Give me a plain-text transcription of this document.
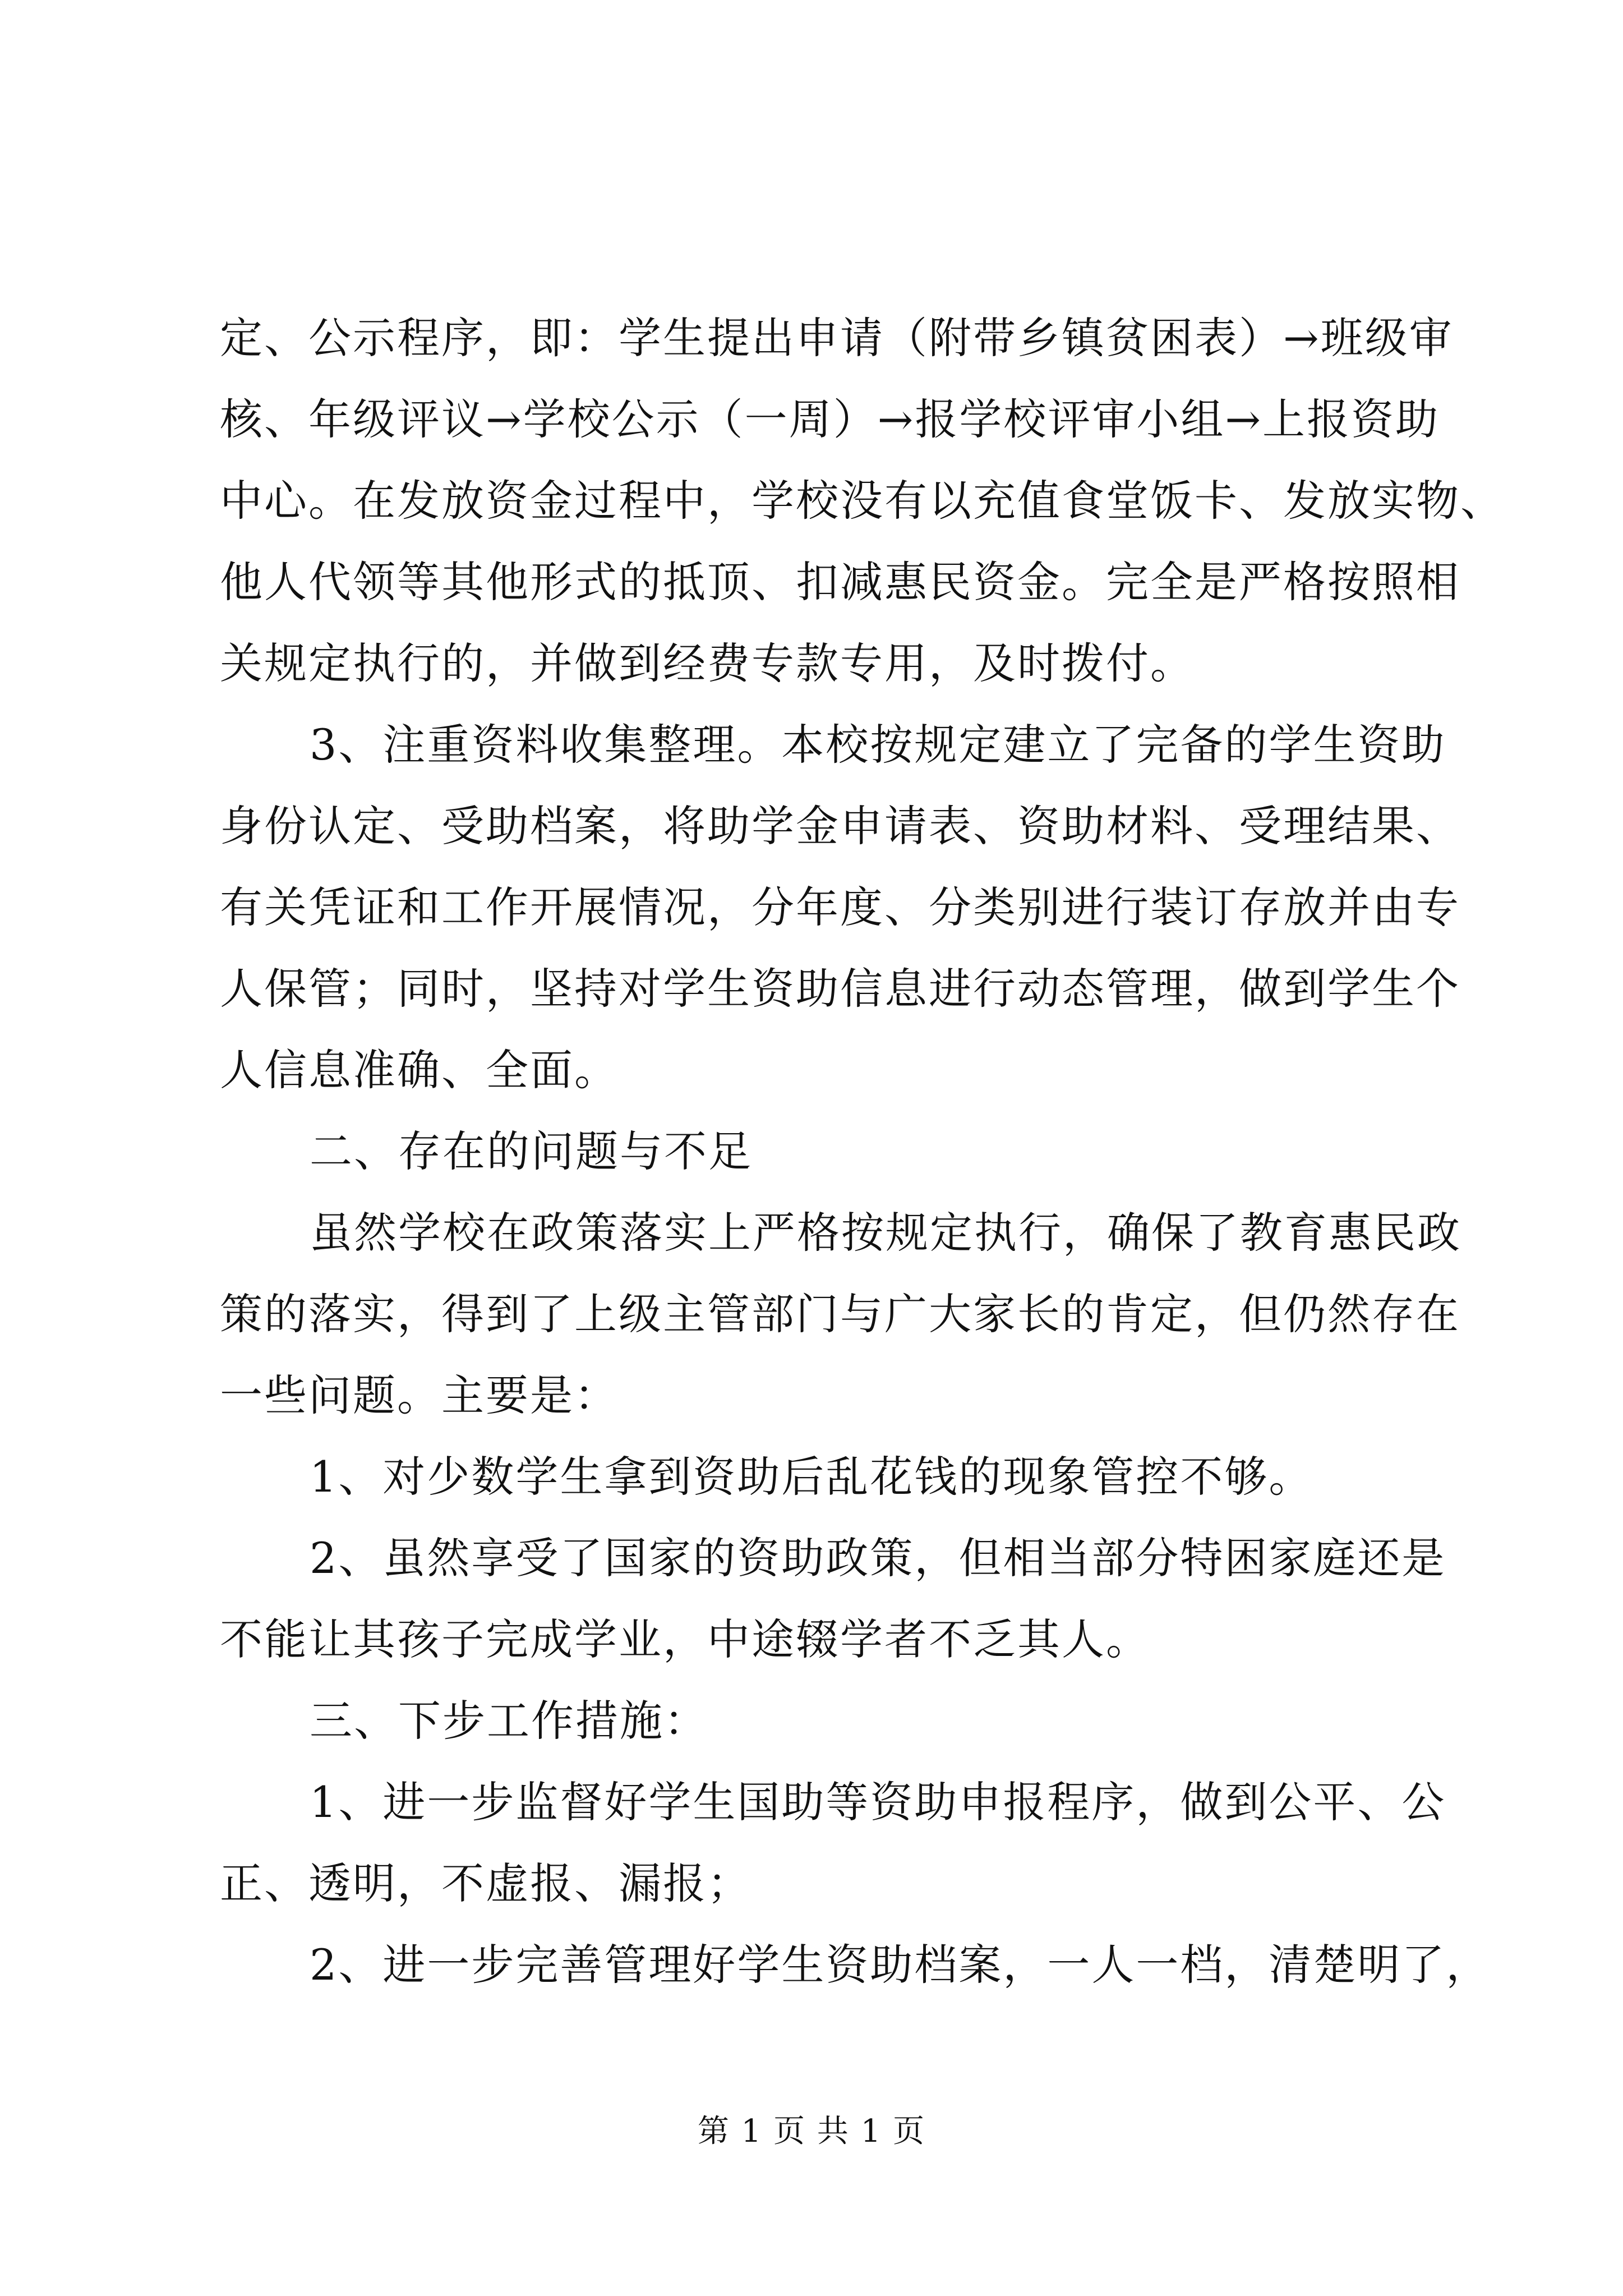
定、公示程序，即：学生提出申请（附带乡镇贫困表）→班级审
核、年级评议→学校公示（一周）→报学校评审小组→上报资助
中心。在发放资金过程中，学校没有以充值食堂饭卡、发放实物、
他人代领等其他形式的抵顶、扣减惠民资金。完全是严格按照相
关规定执行的，并做到经费专款专用，及时拨付。
3、注重资料收集整理。本校按规定建立了完备的学生资助
身份认定、受助档案，将助学金申请表、资助材料、受理结果、
有关凭证和工作开展情况，分年度、分类别进行装订存放并由专
人保管；同时，坚持对学生资助信息进行动态管理，做到学生个
人信息准确、全面。
二、存在的问题与不足
虽然学校在政策落实上严格按规定执行，确保了教育惠民政
策的落实，得到了上级主管部门与广大家长的肯定，但仍然存在
一些问题。主要是：
1、对少数学生拿到资助后乱花钱的现象管控不够。
2、虽然享受了国家的资助政策，但相当部分特困家庭还是
不能让其孩子完成学业，中途辍学者不乏其人。
三、下步工作措施：
1、进一步监督好学生国助等资助申报程序，做到公平、公
正、透明，不虚报、漏报；
2、进一步完善管理好学生资助档案，一人一档，清楚明了，
第 1 页 共 1 页
